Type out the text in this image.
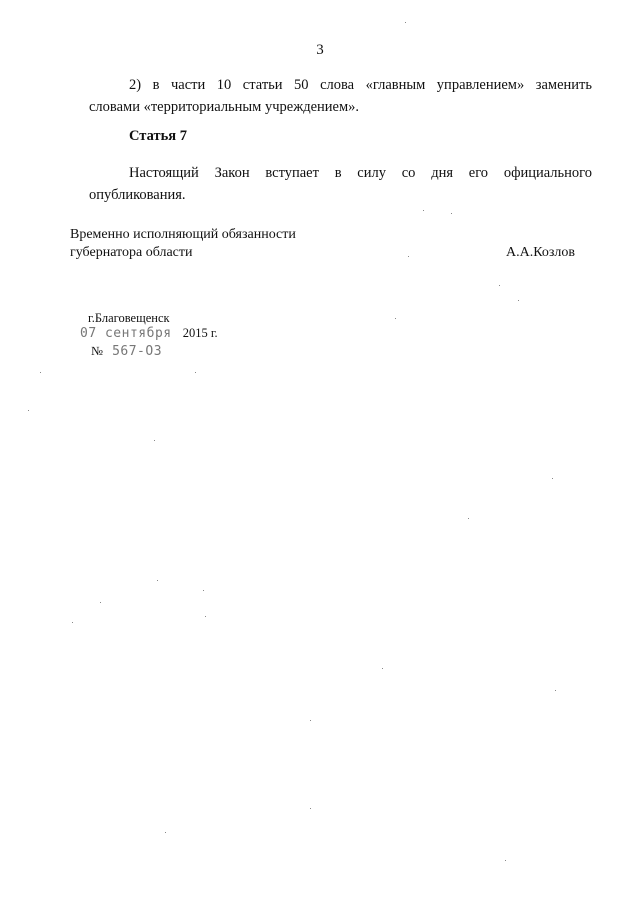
3
2) в части 10 статьи 50 слова «главным управлением» заменить
словами «территориальным учреждением».
Статья 7
Настоящий Закон вступает в силу со дня его официального
опубликования.
Временно исполняющий обязанности
губернатора области	А.А.Козлов
г.Благовещенск
07 сентября 2015 г.
№ 567-ОЗ
